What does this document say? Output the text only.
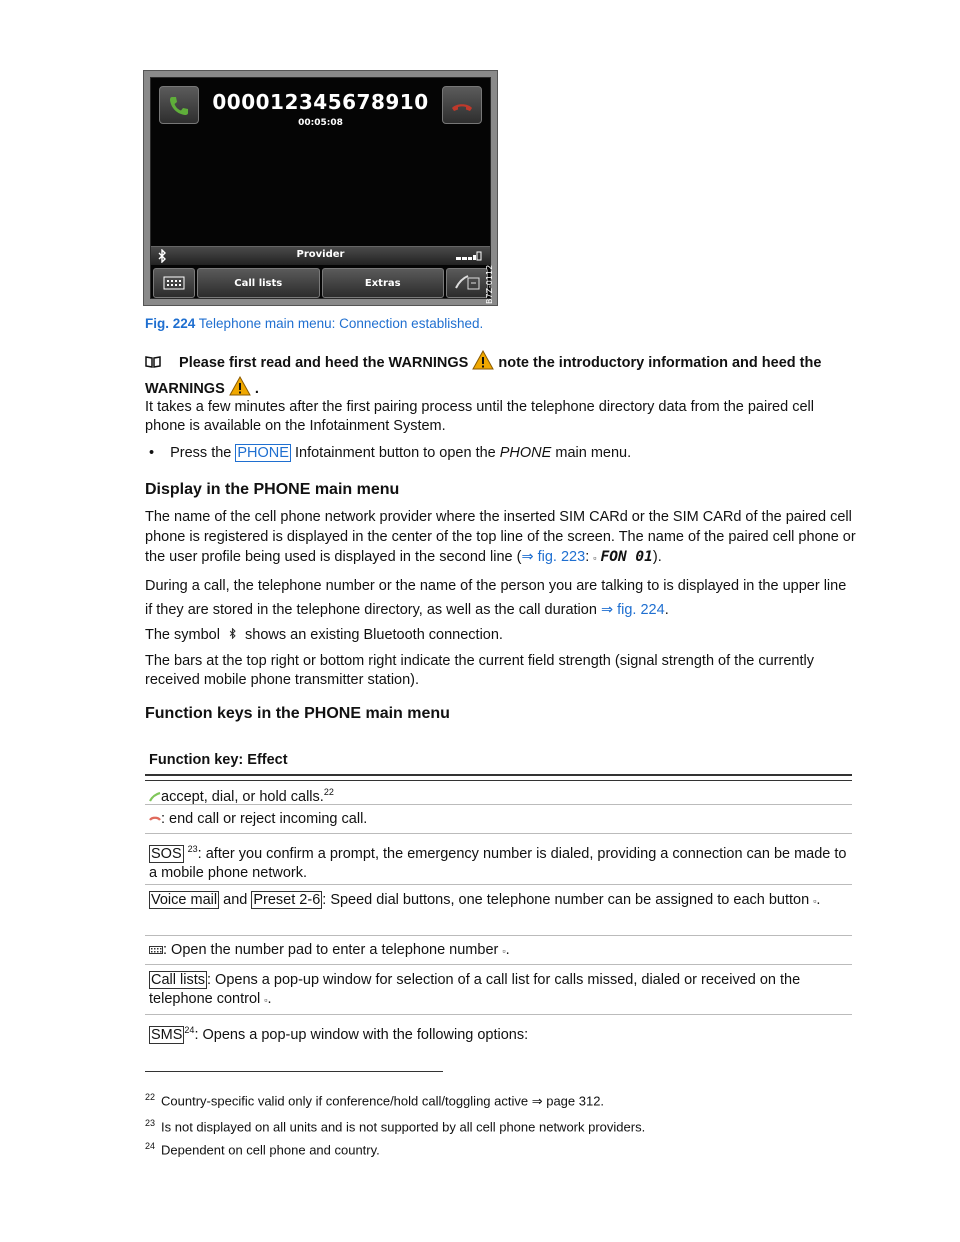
000012345678910
00:05:08
Provider
Call lists	Extras	B7Z-0112
Fig. 224 Telephone main menu: Connection established.
Please first read and heed the WARNINGS note the introductory information and heed the WARNINGS .

It takes a few minutes after the first pairing process until the telephone directory data from the paired cell phone is available on the Infotainment System.

• Press the PHONE Infotainment button to open the PHONE main menu.
Display in the PHONE main menu

The name of the cell phone network provider where the inserted SIM CARd or the SIM CARd of the paired cell phone is registered is displayed in the center of the top line of the screen. The name of the paired cell phone or the user profile being used is displayed in the second line (⇒ fig. 223: ▫ FON 01).

During a call, the telephone number or the name of the person you are talking to is displayed in the upper line if they are stored in the telephone directory, as well as the call duration ⇒ fig. 224.

The symbol shows an existing Bluetooth connection.

The bars at the top right or bottom right indicate the current field strength (signal strength of the currently received mobile phone transmitter station).

Function keys in the PHONE main menu
Function key: Effect
accept, dial, or hold calls.$^{22}$
: end call or reject incoming call.
SOS $^{23}$: after you confirm a prompt, the emergency number is dialed, providing a connection can be made to a mobile phone network.
Voice mail and Preset 2-6 : Speed dial buttons, one telephone number can be assigned to each button ▫.
: Open the number pad to enter a telephone number ▫.
Call lists : Opens a pop-up window for selection of a call list for calls missed, dialed or received on the telephone control ▫.
SMS $^{24}$: Opens a pop-up window with the following options:
$^{22}$ Country-specific valid only if conference/hold call/toggling active ⇒ page 312.
$^{23}$ Is not displayed on all units and is not supported by all cell phone network providers.
$^{24}$ Dependent on cell phone and country.
